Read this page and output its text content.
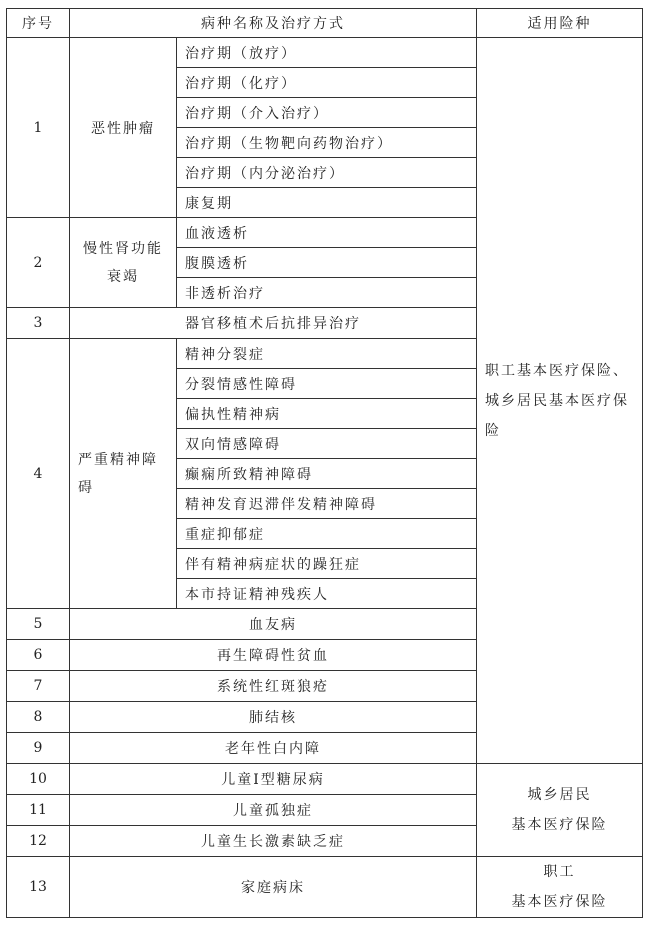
序号	病种名称及治疗方式		适用险种
1	恶性肿瘤	治疗期（放疗）	职工基本医疗保险、
城乡居民基本医疗保
险

		治疗期（化疗）	
		治疗期（介入治疗）	
		治疗期（生物靶向药物治疗）	
		治疗期（内分泌治疗）	
		康复期	
2	慢性肾功能
衰竭	血液透析	
		腹膜透析	
		非透析治疗	
3	器官移植术后抗排异治疗		
4	严重精神障
碍	精神分裂症	
		分裂情感性障碍	
		偏执性精神病	
		双向情感障碍	
		癫痫所致精神障碍	
		精神发育迟滞伴发精神障碍	
		重症抑郁症	
		伴有精神病症状的躁狂症	
		本市持证精神残疾人	
5	血友病		
6	再生障碍性贫血		
7	系统性红斑狼疮		
8	肺结核		
9	老年性白内障		
10	儿童Ⅰ型糖尿病		城乡居民
基本医疗保险

11	儿童孤独症		
12	儿童生长激素缺乏症		
13	家庭病床		职工
基本医疗保险
